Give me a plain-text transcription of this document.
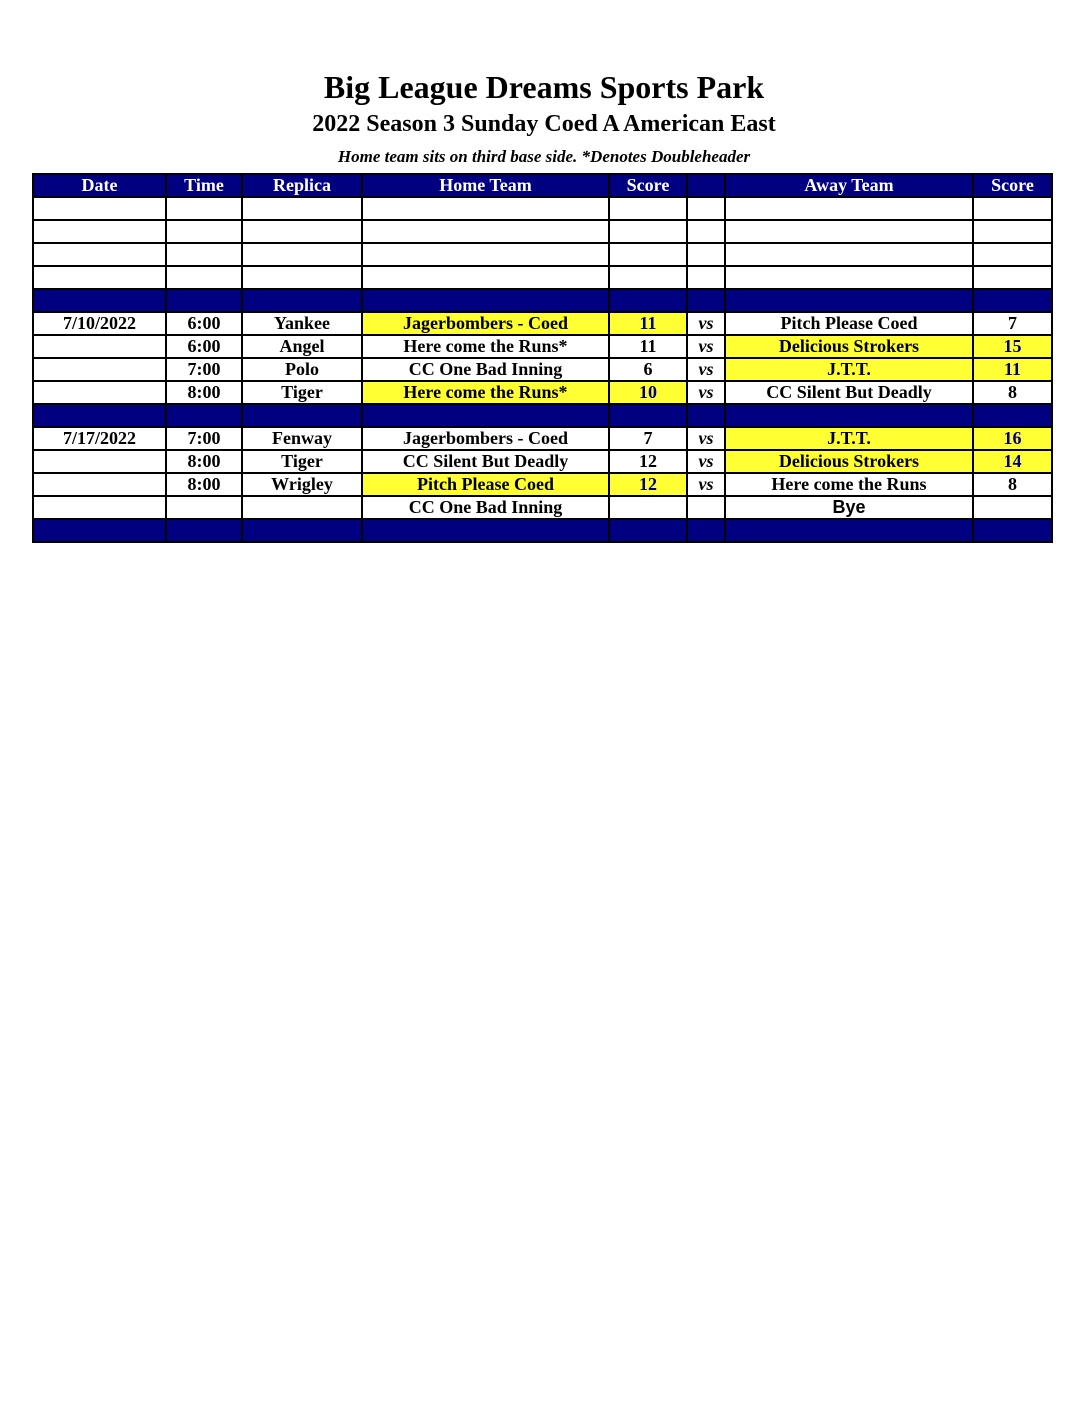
Big League Dreams Sports Park
2022 Season 3 Sunday Coed A American East
Home team sits on third base side. *Denotes Doubleheader
Date	Time	Replica	Home Team	Score		Away Team	Score

7/10/2022	6:00	Yankee	Jagerbombers - Coed	11	vs	Pitch Please Coed	7
	6:00	Angel	Here come the Runs*	11	vs	Delicious Strokers	15
	7:00	Polo	CC One Bad Inning	6	vs	J.T.T.	11
	8:00	Tiger	Here come the Runs*	10	vs	CC Silent But Deadly	8

7/17/2022	7:00	Fenway	Jagerbombers - Coed	7	vs	J.T.T.	16
	8:00	Tiger	CC Silent But Deadly	12	vs	Delicious Strokers	14
	8:00	Wrigley	Pitch Please Coed	12	vs	Here come the Runs	8
			CC One Bad Inning			Bye	
